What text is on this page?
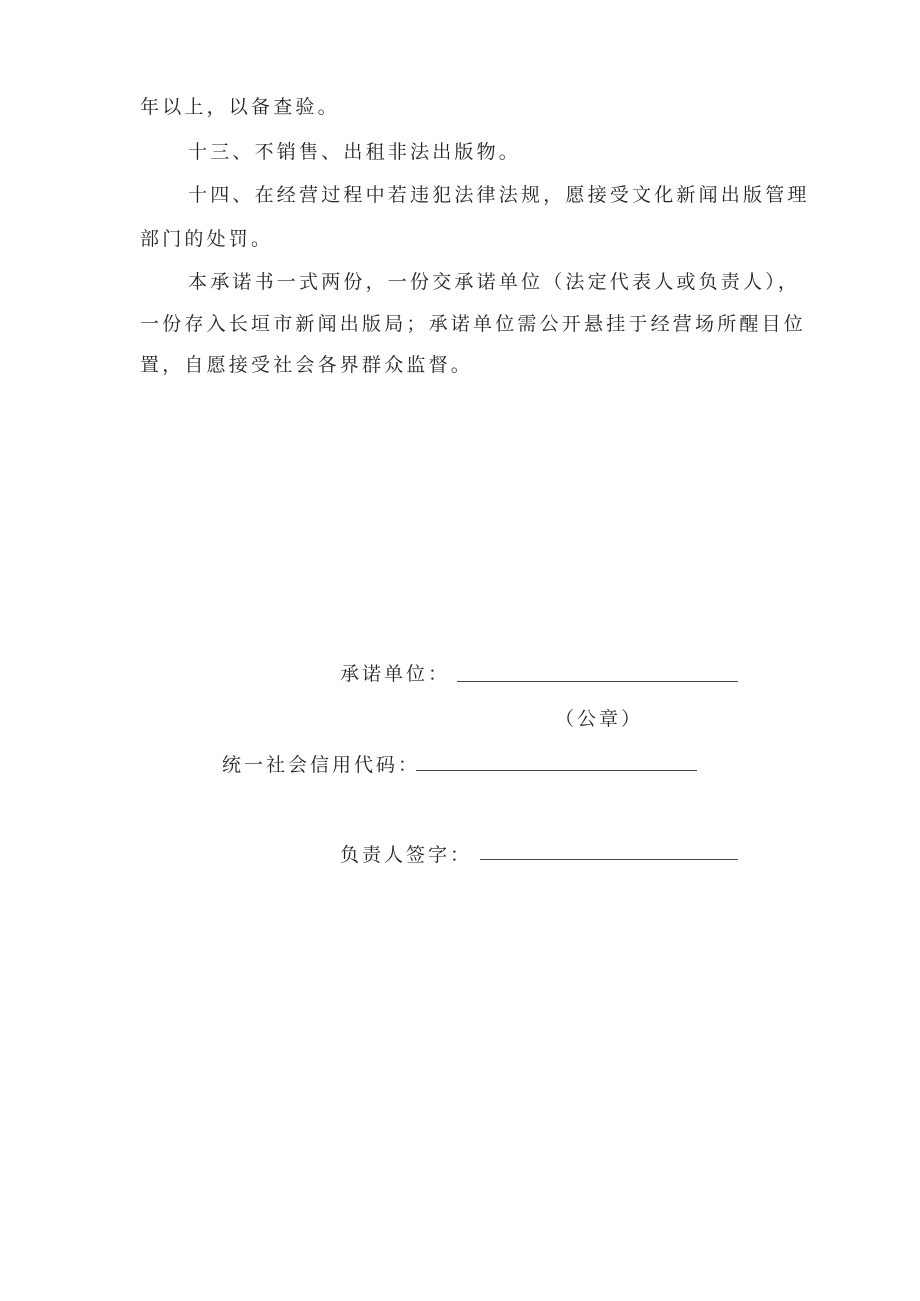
年以上，以备查验。
十三、不销售、出租非法出版物。
十四、在经营过程中若违犯法律法规，愿接受文化新闻出版管理
部门的处罚。
本承诺书一式两份，一份交承诺单位（法定代表人或负责人），
一份存入长垣市新闻出版局；承诺单位需公开悬挂于经营场所醒目位
置，自愿接受社会各界群众监督。
承诺单位：
（公章）
统一社会信用代码：
负责人签字：
